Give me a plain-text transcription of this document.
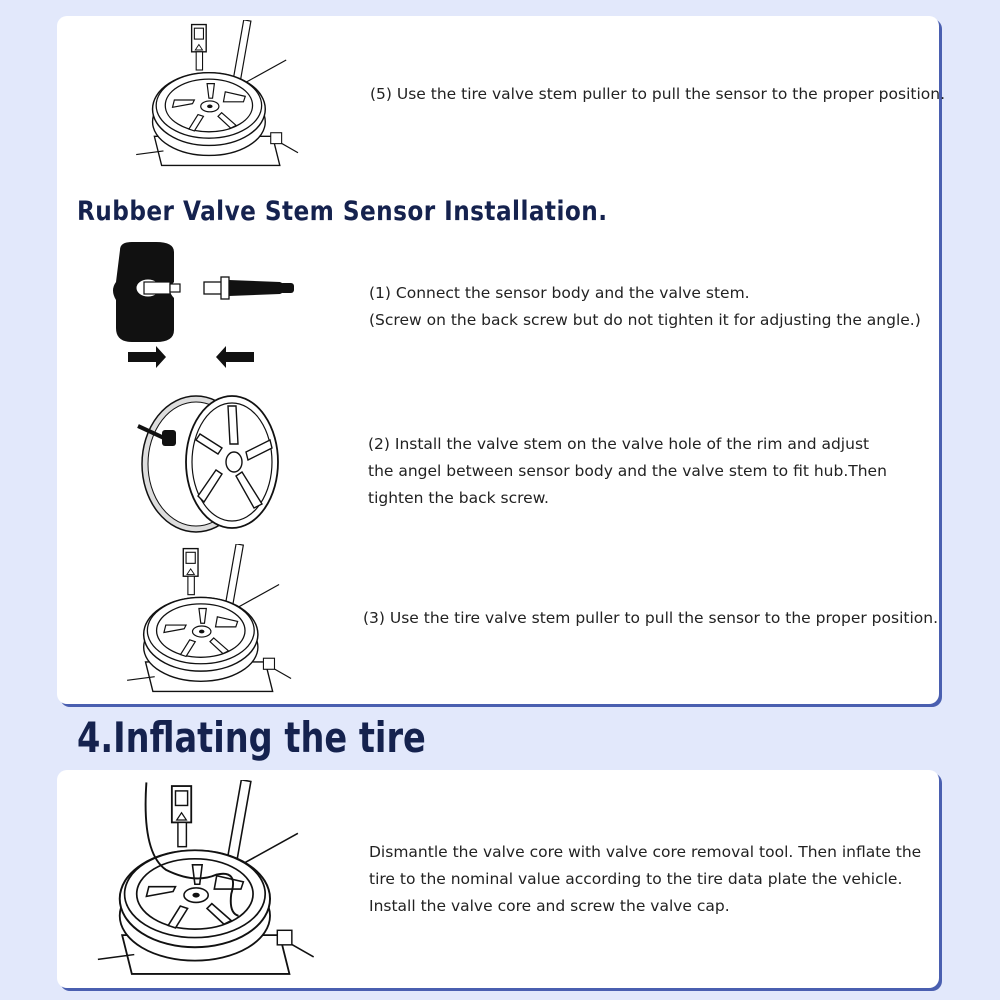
(5) Use the tire valve stem puller to pull the sensor to the proper position.

Rubber Valve Stem Sensor Installation.

(1) Connect the sensor body and the valve stem.
(Screw on the back screw but do not tighten it for adjusting the angle.)

(2) Install the valve stem on the valve hole of the rim and adjust
the angel between sensor body and the valve stem to fit hub.Then
tighten the back screw.

(3) Use the tire valve stem puller to pull the sensor to the proper position.

4.Inflating the tire

Dismantle the valve core with valve core removal tool. Then inflate the
tire to the nominal value according to the tire data plate the vehicle.
Install the valve core and screw the valve cap.
